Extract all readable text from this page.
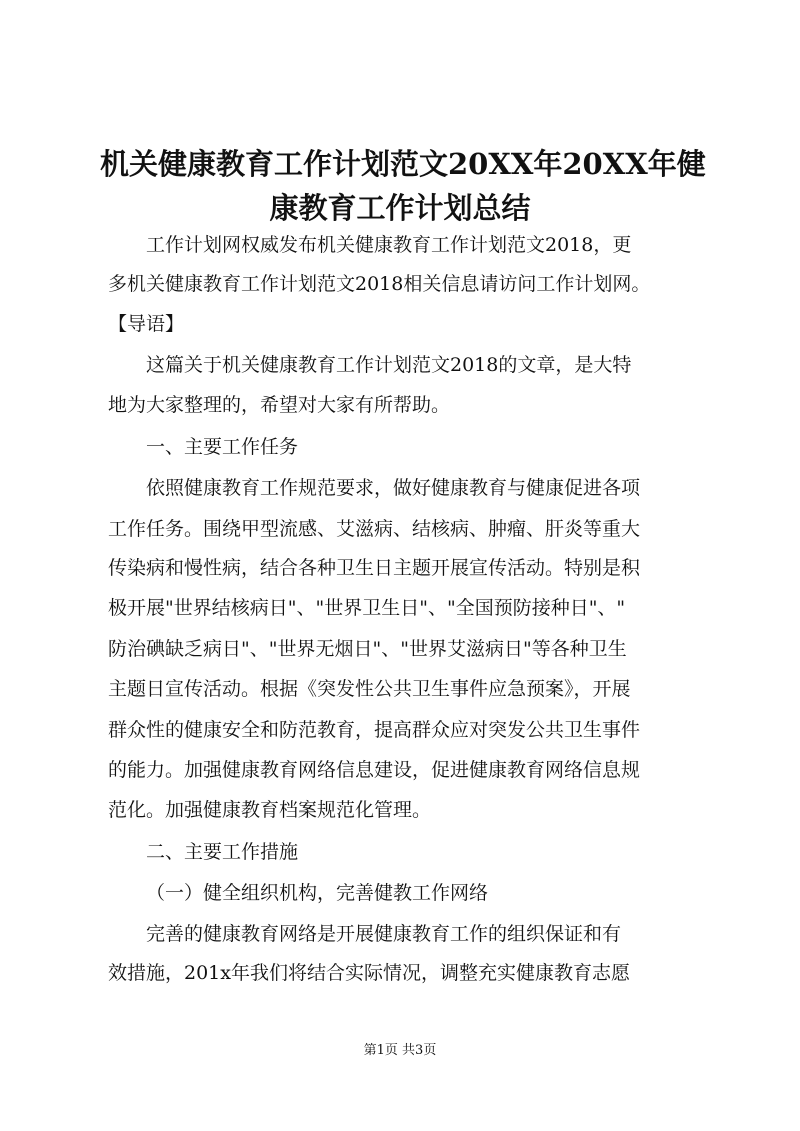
机关健康教育工作计划范文20XX年20XX年健
康教育工作计划总结

工作计划网权威发布机关健康教育工作计划范文2018，更

多机关健康教育工作计划范文2018相关信息请访问工作计划网。

【导语】

这篇关于机关健康教育工作计划范文2018的文章，是大特

地为大家整理的，希望对大家有所帮助。

一、主要工作任务

依照健康教育工作规范要求，做好健康教育与健康促进各项

工作任务。围绕甲型流感、艾滋病、结核病、肿瘤、肝炎等重大

传染病和慢性病，结合各种卫生日主题开展宣传活动。特别是积

极开展"世界结核病日"、"世界卫生日"、"全国预防接种日"、"

防治碘缺乏病日"、"世界无烟日"、"世界艾滋病日"等各种卫生

主题日宣传活动。根据《突发性公共卫生事件应急预案》，开展

群众性的健康安全和防范教育，提高群众应对突发公共卫生事件

的能力。加强健康教育网络信息建设，促进健康教育网络信息规

范化。加强健康教育档案规范化管理。

二、主要工作措施

（一）健全组织机构，完善健教工作网络

完善的健康教育网络是开展健康教育工作的组织保证和有

效措施，201x年我们将结合实际情况，调整充实健康教育志愿

第1页 共3页
